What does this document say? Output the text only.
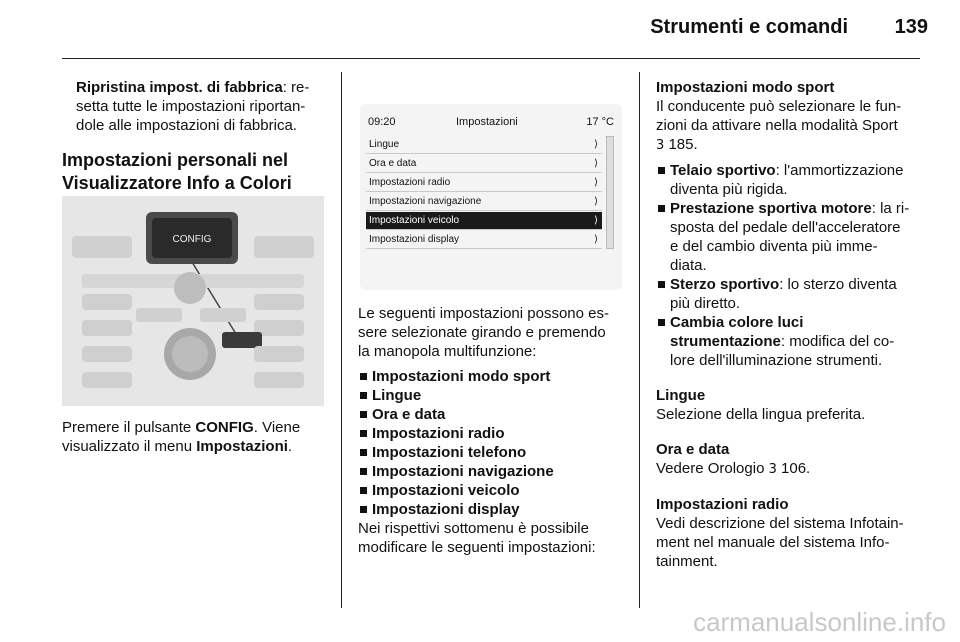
Strumenti e comandi	139

Ripristina impost. di fabbrica: re-

setta tutte le impostazioni riportan-

dole alle impostazioni di fabbrica.

Impostazioni personali nel

Visualizzatore Info a Colori

CONFIG

Premere il pulsante CONFIG. Viene

visualizzato il menu Impostazioni.

09:20	Impostazioni	17 °C
Lingue	⟩
Ora e data	⟩
Impostazioni radio	⟩
Impostazioni navigazione	⟩
Impostazioni veicolo	⟩
Impostazioni display	⟩

Le seguenti impostazioni possono es-

sere selezionate girando e premendo

la manopola multifunzione:

Impostazioni modo sport

Lingue

Ora e data

Impostazioni radio

Impostazioni telefono

Impostazioni navigazione

Impostazioni veicolo

Impostazioni display

Nei rispettivi sottomenu è possibile

modificare le seguenti impostazioni:

Impostazioni modo sport

Il conducente può selezionare le fun-

zioni da attivare nella modalità Sport

3 185.

Telaio sportivo: l'ammortizzazione
diventa più rigida.

Prestazione sportiva motore: la ri-
sposta del pedale dell'acceleratore
e del cambio diventa più imme-
diata.

Sterzo sportivo: lo sterzo diventa
più diretto.

Cambia colore luci
strumentazione: modifica del co-
lore dell'illuminazione strumenti.

Lingue

Selezione della lingua preferita.

Ora e data

Vedere Orologio 3 106.

Impostazioni radio

Vedi descrizione del sistema Infotain-

ment nel manuale del sistema Info-

tainment.

carmanualsonline.info
